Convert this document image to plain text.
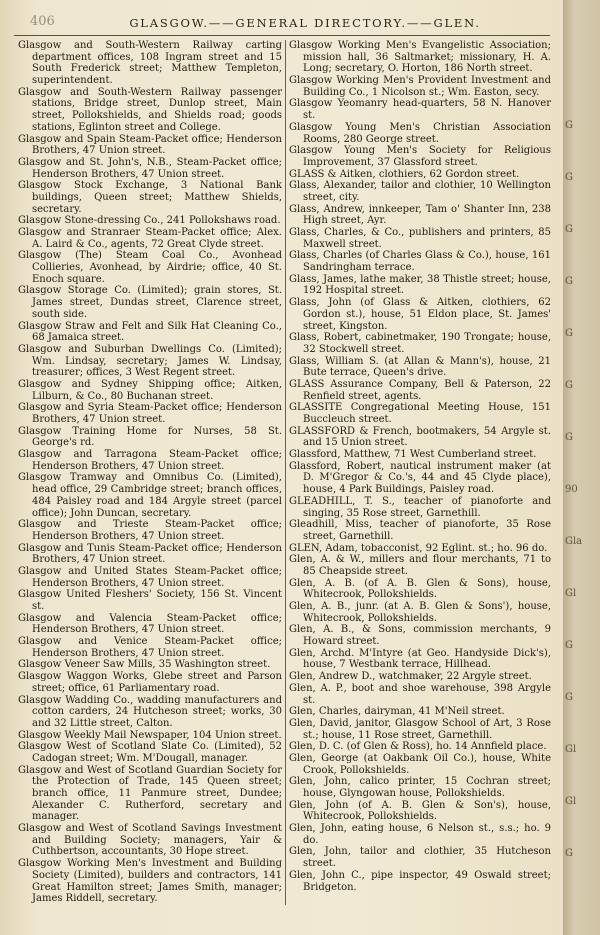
406	GLASGOW.——GENERAL DIRECTORY.——GLEN.

Glasgow and South-Western Railway carting department offices, 108 Ingram street and 15 South Frederick street; Matthew Templeton, superintendent.

Glasgow and South-Western Railway passenger stations, Bridge street, Dunlop street, Main street, Pollokshields, and Shields road; goods stations, Eglinton street and College.

Glasgow and Spain Steam-Packet office; Henderson Brothers, 47 Union street.

Glasgow and St. John's, N.B., Steam-Packet office; Henderson Brothers, 47 Union street.

Glasgow Stock Exchange, 3 National Bank buildings, Queen street; Matthew Shields, secretary.

Glasgow Stone-dressing Co., 241 Pollokshaws road.

Glasgow and Stranraer Steam-Packet office; Alex. A. Laird & Co., agents, 72 Great Clyde street.

Glasgow (The) Steam Coal Co., Avonhead Collieries, Avonhead, by Airdrie; office, 40 St. Enoch square.

Glasgow Storage Co. (Limited); grain stores, St. James street, Dundas street, Clarence street, south side.

Glasgow Straw and Felt and Silk Hat Cleaning Co., 68 Jamaica street.

Glasgow and Suburban Dwellings Co. (Limited); Wm. Lindsay, secretary; James W. Lindsay, treasurer; offices, 3 West Regent street.

Glasgow and Sydney Shipping office; Aitken, Lilburn, & Co., 80 Buchanan street.

Glasgow and Syria Steam-Packet office; Henderson Brothers, 47 Union street.

Glasgow Training Home for Nurses, 58 St. George's rd.

Glasgow and Tarragona Steam-Packet office; Henderson Brothers, 47 Union street.

Glasgow Tramway and Omnibus Co. (Limited), head office, 29 Cambridge street; branch offices, 484 Paisley road and 184 Argyle street (parcel office); John Duncan, secretary.

Glasgow and Trieste Steam-Packet office; Henderson Brothers, 47 Union street.

Glasgow and Tunis Steam-Packet office; Henderson Brothers, 47 Union street.

Glasgow and United States Steam-Packet office; Henderson Brothers, 47 Union street.

Glasgow United Fleshers' Society, 156 St. Vincent st.

Glasgow and Valencia Steam-Packet office; Henderson Brothers, 47 Union street.

Glasgow and Venice Steam-Packet office; Henderson Brothers, 47 Union street.

Glasgow Veneer Saw Mills, 35 Washington street.

Glasgow Waggon Works, Glebe street and Parson street; office, 61 Parliamentary road.

Glasgow Wadding Co., wadding manufacturers and cotton carders, 24 Hutcheson street; works, 30 and 32 Little street, Calton.

Glasgow Weekly Mail Newspaper, 104 Union street.

Glasgow West of Scotland Slate Co. (Limited), 52 Cadogan street; Wm. M'Dougall, manager.

Glasgow and West of Scotland Guardian Society for the Protection of Trade, 145 Queen street; branch office, 11 Panmure street, Dundee; Alexander C. Rutherford, secretary and manager.

Glasgow and West of Scotland Savings Investment and Building Society; managers, Yair & Cuthbertson, accountants, 30 Hope street.

Glasgow Working Men's Investment and Building Society (Limited), builders and contractors, 141 Great Hamilton street; James Smith, manager; James Riddell, secretary.

Glasgow Working Men's Evangelistic Association; mission hall, 36 Saltmarket; missionary, H. A. Long; secretary, O. Horton, 186 North street.

Glasgow Working Men's Provident Investment and Building Co., 1 Nicolson st.; Wm. Easton, secy.

Glasgow Yeomanry head-quarters, 58 N. Hanover st.

Glasgow Young Men's Christian Association Rooms, 280 George street.

Glasgow Young Men's Society for Religious Improvement, 37 Glassford street.

GLASS & Aitken, clothiers, 62 Gordon street.

Glass, Alexander, tailor and clothier, 10 Wellington street, city.

Glass, Andrew, innkeeper, Tam o' Shanter Inn, 238 High street, Ayr.

Glass, Charles, & Co., publishers and printers, 85 Maxwell street.

Glass, Charles (of Charles Glass & Co.), house, 161 Sandringham terrace.

Glass, James, lathe maker, 38 Thistle street; house, 192 Hospital street.

Glass, John (of Glass & Aitken, clothiers, 62 Gordon st.), house, 51 Eldon place, St. James' street, Kingston.

Glass, Robert, cabinetmaker, 190 Trongate; house, 32 Stockwell street.

Glass, William S. (at Allan & Mann's), house, 21 Bute terrace, Queen's drive.

GLASS Assurance Company, Bell & Paterson, 22 Renfield street, agents.

GLASSITE Congregational Meeting House, 151 Buccleuch street.

GLASSFORD & French, bootmakers, 54 Argyle st. and 15 Union street.

Glassford, Matthew, 71 West Cumberland street.

Glassford, Robert, nautical instrument maker (at D. M'Gregor & Co.'s, 44 and 45 Clyde place), house, 4 Park Buildings, Paisley road.

GLEADHILL, T. S., teacher of pianoforte and singing, 35 Rose street, Garnethill.

Gleadhill, Miss, teacher of pianoforte, 35 Rose street, Garnethill.

GLEN, Adam, tobacconist, 92 Eglint. st.; ho. 96 do.

Glen, A. & W., millers and flour merchants, 71 to 85 Cheapside street.

Glen, A. B. (of A. B. Glen & Sons), house, Whitecrook, Pollokshields.

Glen, A. B., junr. (at A. B. Glen & Sons'), house, Whitecrook, Pollokshields.

Glen, A. B., & Sons, commission merchants, 9 Howard street.

Glen, Archd. M'Intyre (at Geo. Handyside Dick's), house, 7 Westbank terrace, Hillhead.

Glen, Andrew D., watchmaker, 22 Argyle street.

Glen, A. P., boot and shoe warehouse, 398 Argyle st.

Glen, Charles, dairyman, 41 M'Neil street.

Glen, David, janitor, Glasgow School of Art, 3 Rose st.; house, 11 Rose street, Garnethill.

Glen, D. C. (of Glen & Ross), ho. 14 Annfield place.

Glen, George (at Oakbank Oil Co.), house, White Crook, Pollokshields.

Glen, John, calico printer, 15 Cochran street; house, Glyngowan house, Pollokshields.

Glen, John (of A. B. Glen & Son's), house, Whitecrook, Pollokshields.

Glen, John, eating house, 6 Nelson st., s.s.; ho. 9 do.

Glen, John, tailor and clothier, 35 Hutcheson street.

Glen, John C., pipe inspector, 49 Oswald street; Bridgeton.

G
G
G
G
G
G
G
90
Gla
Gl
G
G
Gl
Gl
G
